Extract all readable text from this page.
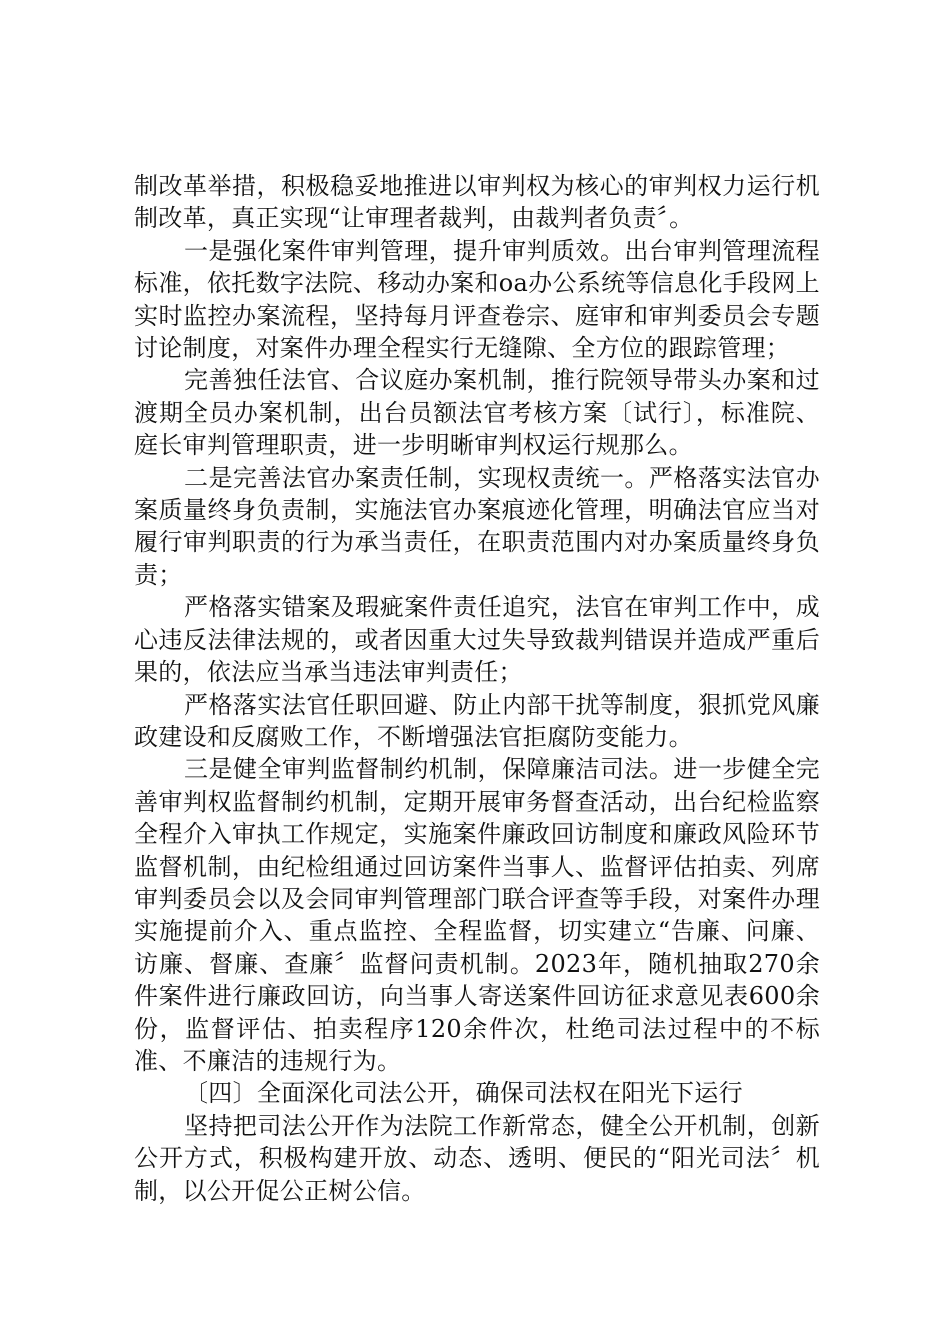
制改革举措，积极稳妥地推进以审判权为核心的审判权力运行机制改革，真正实现“让审理者裁判，由裁判者负责〞。

一是强化案件审判管理，提升审判质效。出台审判管理流程标准，依托数字法院、移动办案和oa办公系统等信息化手段网上实时监控办案流程，坚持每月评查卷宗、庭审和审判委员会专题讨论制度，对案件办理全程实行无缝隙、全方位的跟踪管理；

完善独任法官、合议庭办案机制，推行院领导带头办案和过渡期全员办案机制，出台员额法官考核方案〔试行〕，标准院、庭长审判管理职责，进一步明晰审判权运行规那么。

二是完善法官办案责任制，实现权责统一。严格落实法官办案质量终身负责制，实施法官办案痕迹化管理，明确法官应当对履行审判职责的行为承当责任，在职责范围内对办案质量终身负责；

严格落实错案及瑕疵案件责任追究，法官在审判工作中，成心违反法律法规的，或者因重大过失导致裁判错误并造成严重后果的，依法应当承当违法审判责任；

严格落实法官任职回避、防止内部干扰等制度，狠抓党风廉政建设和反腐败工作，不断增强法官拒腐防变能力。

三是健全审判监督制约机制，保障廉洁司法。进一步健全完善审判权监督制约机制，定期开展审务督查活动，出台纪检监察全程介入审执工作规定，实施案件廉政回访制度和廉政风险环节监督机制，由纪检组通过回访案件当事人、监督评估拍卖、列席审判委员会以及会同审判管理部门联合评查等手段，对案件办理实施提前介入、重点监控、全程监督，切实建立“告廉、问廉、访廉、督廉、查廉〞监督问责机制。2023年，随机抽取270余件案件进行廉政回访，向当事人寄送案件回访征求意见表600余份，监督评估、拍卖程序120余件次，杜绝司法过程中的不标准、不廉洁的违规行为。

〔四〕全面深化司法公开，确保司法权在阳光下运行

坚持把司法公开作为法院工作新常态，健全公开机制，创新公开方式，积极构建开放、动态、透明、便民的“阳光司法〞机制，以公开促公正树公信。
